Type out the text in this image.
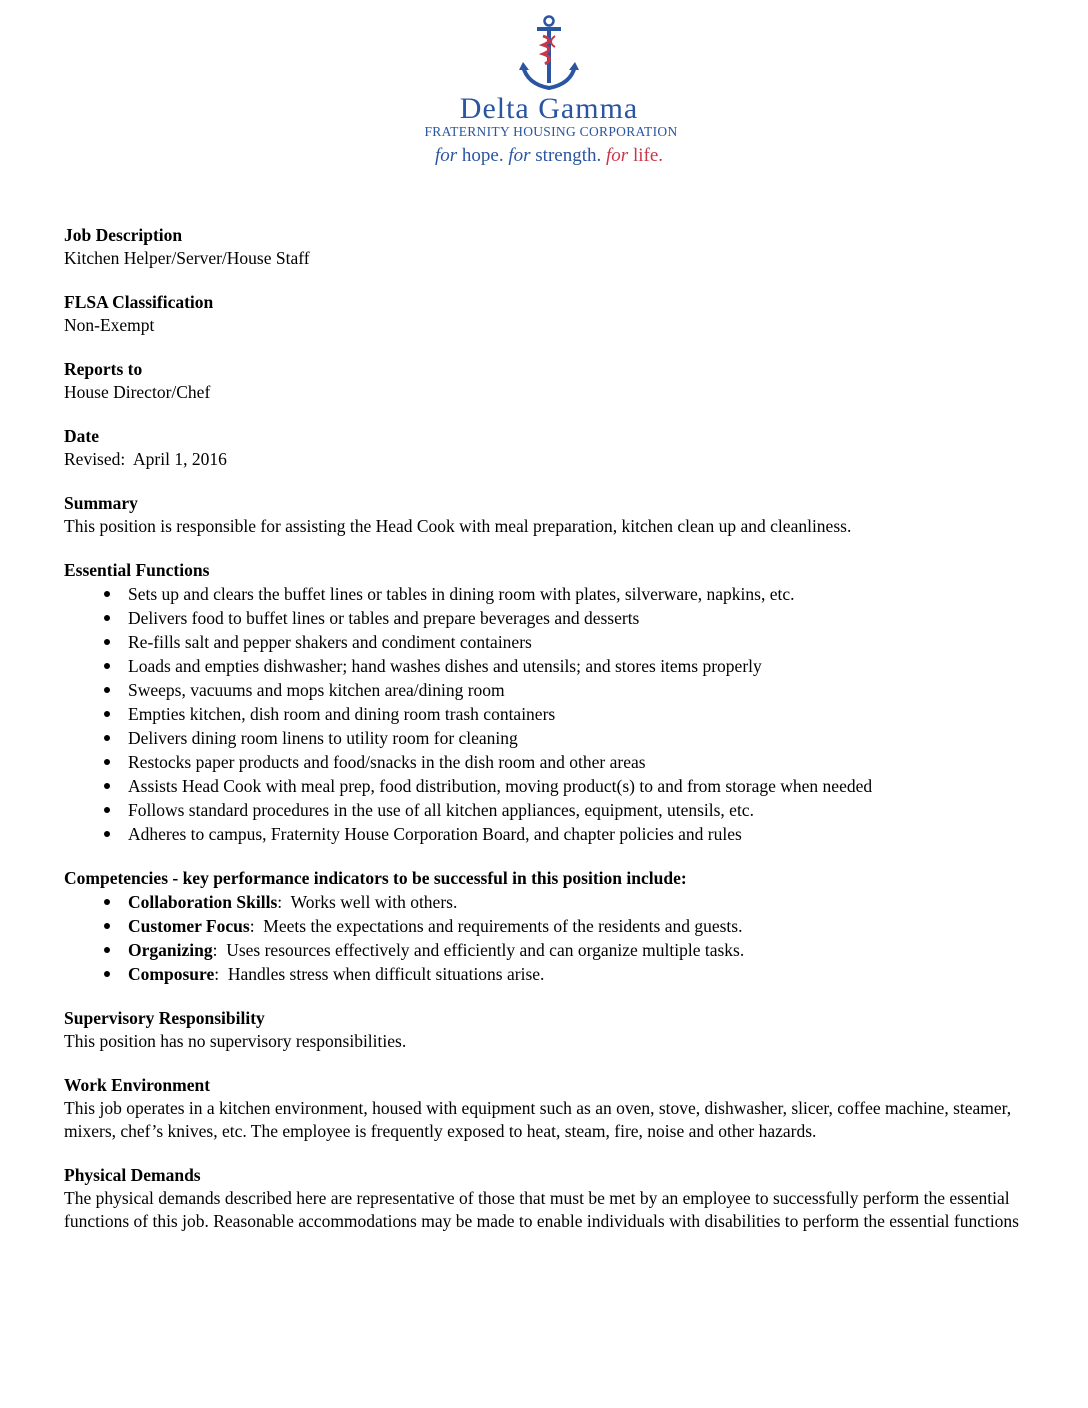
Delta Gamma
FRATERNITY HOUSING CORPORATION
for hope. for strength. for life.
Job Description
Kitchen Helper/Server/House Staff
FLSA Classification
Non-Exempt
Reports to
House Director/Chef
Date
Revised:  April 1, 2016
Summary
This position is responsible for assisting the Head Cook with meal preparation, kitchen clean up and cleanliness.
Essential Functions
Sets up and clears the buffet lines or tables in dining room with plates, silverware, napkins, etc.
Delivers food to buffet lines or tables and prepare beverages and desserts
Re-fills salt and pepper shakers and condiment containers
Loads and empties dishwasher; hand washes dishes and utensils; and stores items properly
Sweeps, vacuums and mops kitchen area/dining room
Empties kitchen, dish room and dining room trash containers
Delivers dining room linens to utility room for cleaning
Restocks paper products and food/snacks in the dish room and other areas
Assists Head Cook with meal prep, food distribution, moving product(s) to and from storage when needed
Follows standard procedures in the use of all kitchen appliances, equipment, utensils, etc.
Adheres to campus, Fraternity House Corporation Board, and chapter policies and rules
Competencies - key performance indicators to be successful in this position include:
Collaboration Skills:  Works well with others.
Customer Focus:  Meets the expectations and requirements of the residents and guests.
Organizing:  Uses resources effectively and efficiently and can organize multiple tasks.
Composure:  Handles stress when difficult situations arise.
Supervisory Responsibility
This position has no supervisory responsibilities.
Work Environment
This job operates in a kitchen environment, housed with equipment such as an oven, stove, dishwasher, slicer, coffee machine, steamer, mixers, chef’s knives, etc. The employee is frequently exposed to heat, steam, fire, noise and other hazards.
Physical Demands
The physical demands described here are representative of those that must be met by an employee to successfully perform the essential functions of this job. Reasonable accommodations may be made to enable individuals with disabilities to perform the essential functions
